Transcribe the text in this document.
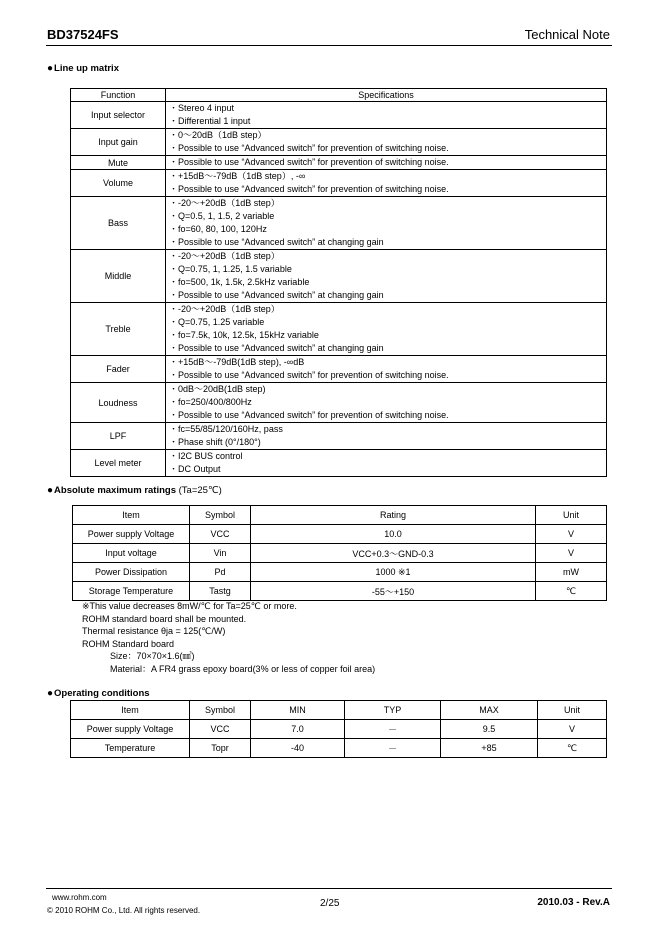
BD37524FS	Technical Note
●Line up matrix
Function	Specifications
Input selector	・Stereo 4 input
・Differential 1 input

Input gain	・0～20dB（1dB step）
・Possible to use “Advanced switch” for prevention of switching noise.

Mute	・Possible to use “Advanced switch” for prevention of switching noise.

Volume	・+15dB～-79dB（1dB step）, -∞
・Possible to use “Advanced switch” for prevention of switching noise.

Bass	・-20～+20dB（1dB step）
・Q=0.5, 1, 1.5, 2 variable
・fo=60, 80, 100, 120Hz
・Possible to use “Advanced switch” at changing gain

Middle	・-20～+20dB（1dB step）
・Q=0.75, 1, 1.25, 1.5 variable
・fo=500, 1k, 1.5k, 2.5kHz variable
・Possible to use “Advanced switch” at changing gain

Treble	・-20～+20dB（1dB step）
・Q=0.75, 1.25 variable
・fo=7.5k, 10k, 12.5k, 15kHz variable
・Possible to use “Advanced switch” at changing gain

Fader	・+15dB～-79dB(1dB step), -∞dB
・Possible to use “Advanced switch” for prevention of switching noise.

Loudness	・0dB～20dB(1dB step)
・fo=250/400/800Hz
・Possible to use “Advanced switch” for prevention of switching noise.

LPF	・fc=55/85/120/160Hz, pass
・Phase shift (0°/180°)

Level meter	・I2C BUS control
・DC Output
●Absolute maximum ratings (Ta=25℃)
Item	Symbol	Rating	Unit
Power supply Voltage	VCC	10.0	V
Input voltage	Vin	VCC+0.3～GND-0.3	V
Power Dissipation	Pd	1000 ※1	mW
Storage Temperature	Tastg	-55～+150	℃
※This value decreases 8mW/℃ for Ta=25℃ or more.
ROHM standard board shall be mounted.
Thermal resistance θja = 125(℃/W)
ROHM Standard board
Size：70×70×1.6(㎣)
Material：A FR4 grass epoxy board(3% or less of copper foil area)
●Operating conditions
Item	Symbol	MIN	TYP	MAX	Unit
Power supply Voltage	VCC	7.0	－	9.5	V
Temperature	Topr	-40	－	+85	℃
www.rohm.com
© 2010 ROHM Co., Ltd. All rights reserved.
2/25	2010.03 - Rev.A
